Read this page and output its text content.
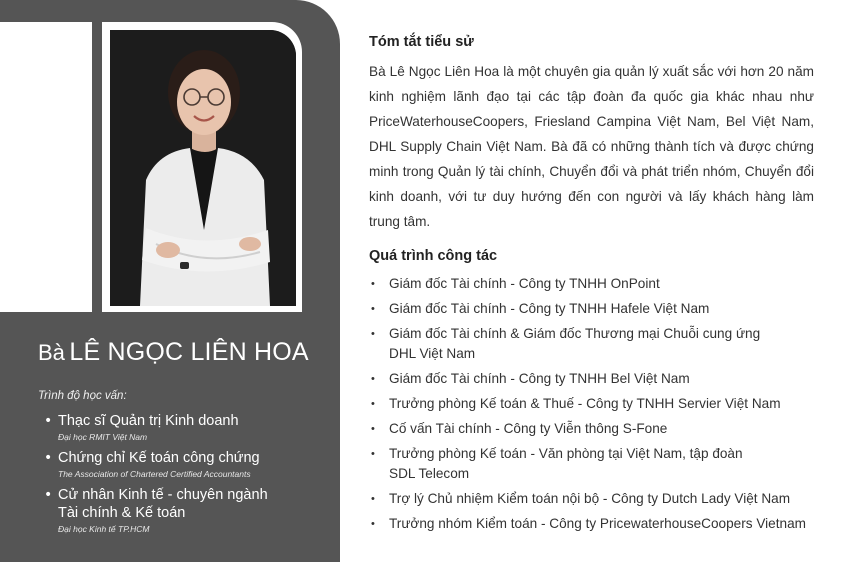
Bà LÊ NGỌC LIÊN HOA
Trình độ học vấn:
• Thạc sĩ Quản trị Kinh doanh
Đại học RMIT Việt Nam
• Chứng chỉ Kế toán công chứng
The Association of Chartered Certified Accountants
• Cử nhân Kinh tế - chuyên ngành
Tài chính & Kế toán
Đại học Kinh tế TP.HCM
Tóm tắt tiểu sử

Bà Lê Ngọc Liên Hoa là một chuyên gia quản lý xuất sắc với hơn 20 năm kinh nghiệm lãnh đạo tại các tập đoàn đa quốc gia khác nhau như PriceWaterhouseCoopers, Friesland Campina Việt Nam, Bel Việt Nam, DHL Supply Chain Việt Nam. Bà đã có những thành tích và được chứng minh trong Quản lý tài chính, Chuyển đổi và phát triển nhóm, Chuyển đổi kinh doanh, với tư duy hướng đến con người và lấy khách hàng làm trung tâm.

Quá trình công tác
• Giám đốc Tài chính - Công ty TNHH OnPoint
• Giám đốc Tài chính - Công ty TNHH Hafele Việt Nam
• Giám đốc Tài chính & Giám đốc Thương mại Chuỗi cung ứng
DHL Việt Nam
• Giám đốc Tài chính - Công ty TNHH Bel Việt Nam
• Trưởng phòng Kế toán & Thuế - Công ty TNHH Servier Việt Nam
• Cố vấn Tài chính - Công ty Viễn thông S-Fone
• Trưởng phòng Kế toán - Văn phòng tại Việt Nam, tập đoàn
SDL Telecom
• Trợ lý Chủ nhiệm Kiểm toán nội bộ - Công ty Dutch Lady Việt Nam
• Trưởng nhóm Kiểm toán - Công ty PricewaterhouseCoopers Vietnam
